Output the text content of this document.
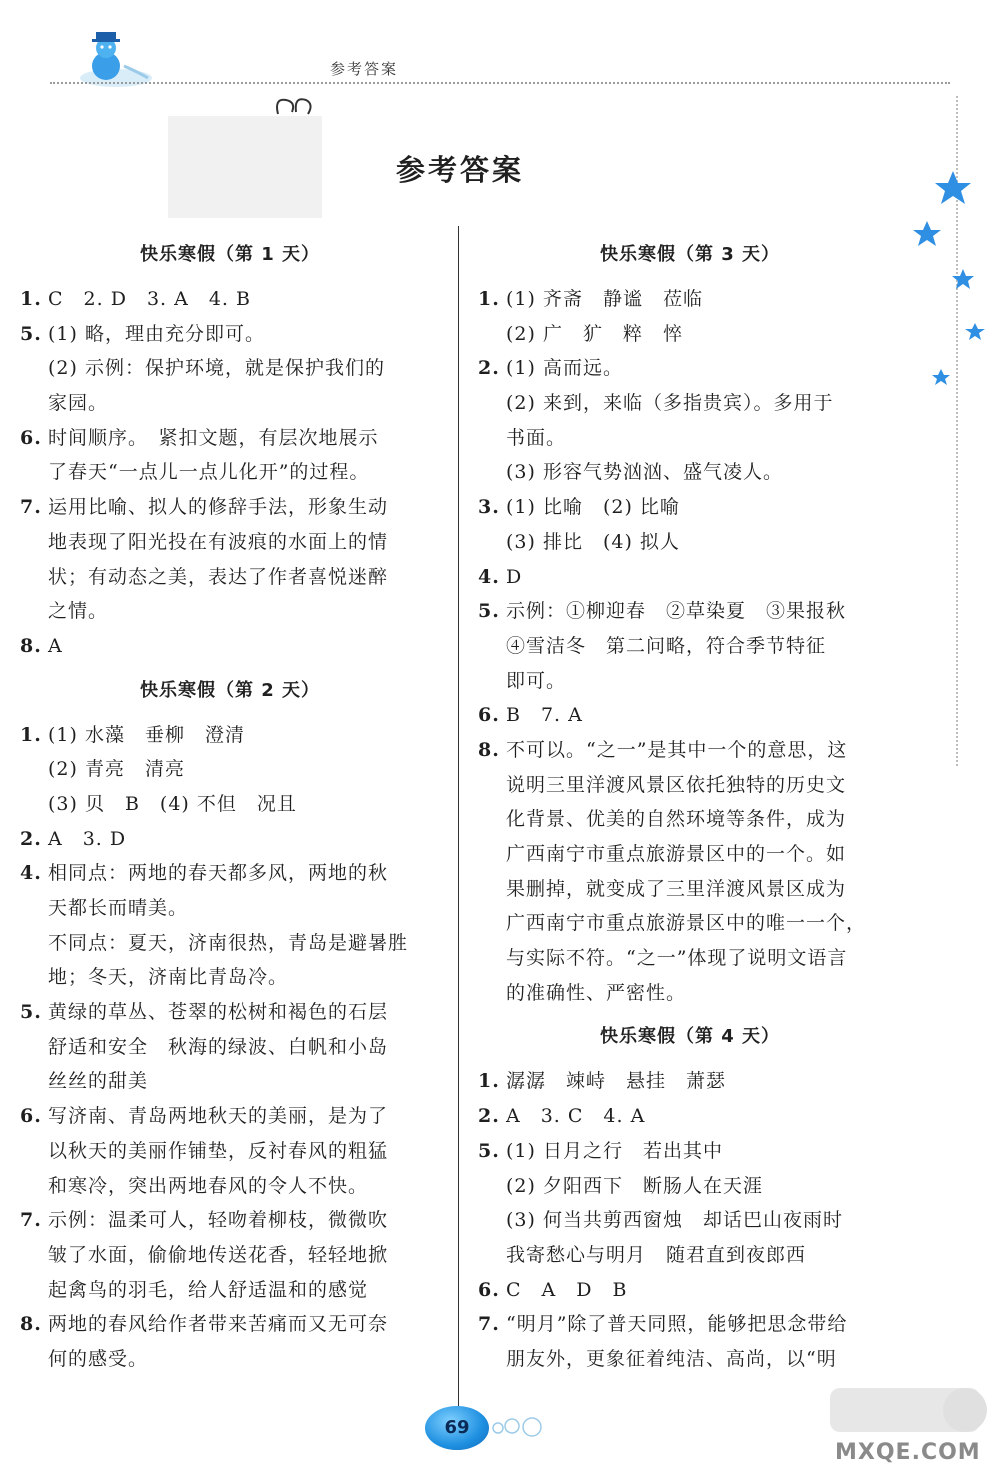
参考答案
参考答案
快乐寒假（第 1 天）
1. C　2. D　3. A　4. B
5. (1) 略，理由充分即可。
(2) 示例：保护环境，就是保护我们的
家园。
6. 时间顺序。　紧扣文题，有层次地展示
了春天“一点儿一点儿化开”的过程。
7. 运用比喻、拟人的修辞手法，形象生动
地表现了阳光投在有波痕的水面上的情
状；有动态之美，表达了作者喜悦迷醉
之情。
8. A
快乐寒假（第 2 天）
1. (1) 水藻　垂柳　澄清
(2) 青亮　清亮
(3) 贝　B　(4) 不但　况且
2. A　3. D
4. 相同点：两地的春天都多风，两地的秋
天都长而晴美。
不同点：夏天，济南很热，青岛是避暑胜
地；冬天，济南比青岛冷。
5. 黄绿的草丛、苍翠的松树和褐色的石层
舒适和安全　秋海的绿波、白帆和小岛
丝丝的甜美
6. 写济南、青岛两地秋天的美丽，是为了
以秋天的美丽作铺垫，反衬春风的粗猛
和寒冷，突出两地春风的令人不快。
7. 示例：温柔可人，轻吻着柳枝，微微吹
皱了水面，偷偷地传送花香，轻轻地掀
起禽鸟的羽毛，给人舒适温和的感觉
8. 两地的春风给作者带来苦痛而又无可奈
何的感受。
快乐寒假（第 3 天）
1. (1) 齐斋　静谧　莅临
(2) 广　犷　粹　悴
2. (1) 高而远。
(2) 来到，来临（多指贵宾）。多用于
书面。
(3) 形容气势汹汹、盛气凌人。
3. (1) 比喻　(2) 比喻
(3) 排比　(4) 拟人
4. D
5. 示例：①柳迎春　②草染夏　③果报秋
④雪洁冬　第二问略，符合季节特征
即可。
6. B　7. A
8. 不可以。“之一”是其中一个的意思，这
说明三里洋渡风景区依托独特的历史文
化背景、优美的自然环境等条件，成为
广西南宁市重点旅游景区中的一个。如
果删掉，就变成了三里洋渡风景区成为
广西南宁市重点旅游景区中的唯一一个，
与实际不符。“之一”体现了说明文语言
的准确性、严密性。
快乐寒假（第 4 天）
1. 潺潺　竦峙　悬挂　萧瑟
2. A　3. C　4. A
5. (1) 日月之行　若出其中
(2) 夕阳西下　断肠人在天涯
(3) 何当共剪西窗烛　却话巴山夜雨时
我寄愁心与明月　随君直到夜郎西
6. C　A　D　B
7. “明月”除了普天同照，能够把思念带给
朋友外，更象征着纯洁、高尚，以“明
69
MXQE.COM
